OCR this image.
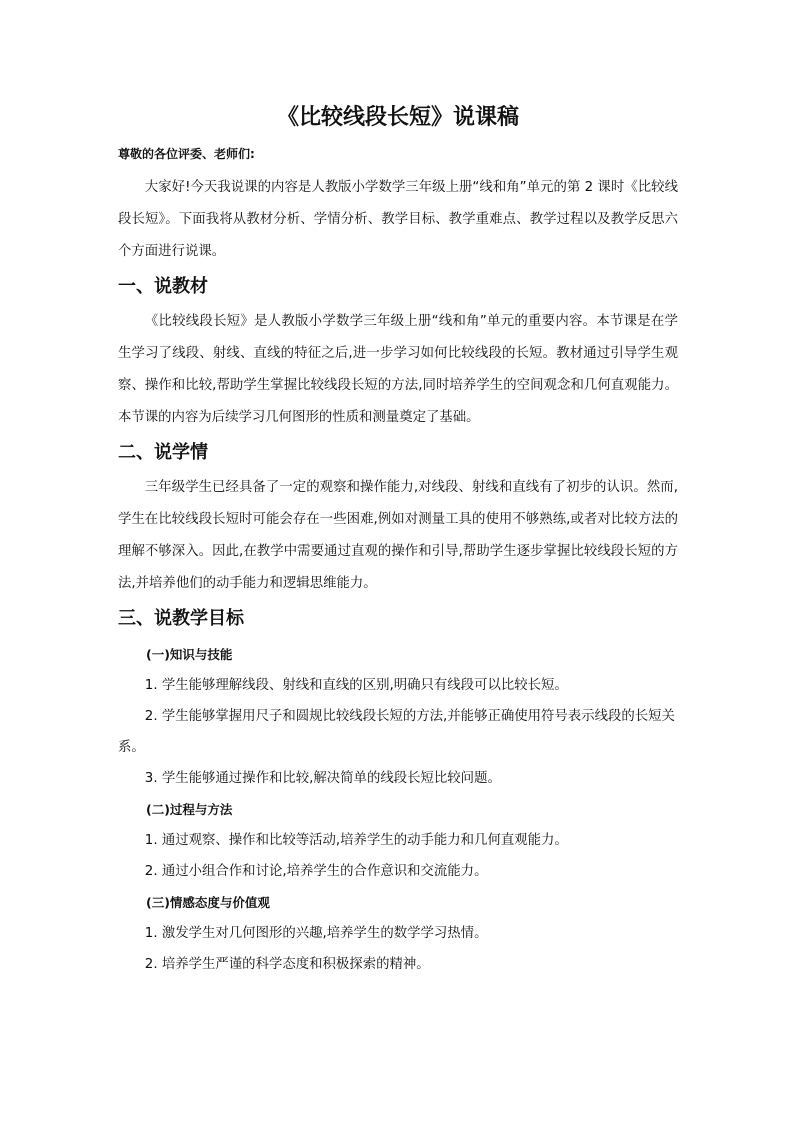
《比较线段长短》说课稿
尊敬的各位评委、老师们:

大家好!今天我说课的内容是人教版小学数学三年级上册“线和角”单元的第 2 课时《比较线段长短》。下面我将从教材分析、学情分析、教学目标、教学重难点、教学过程以及教学反思六个方面进行说课。

一、说教材

《比较线段长短》是人教版小学数学三年级上册“线和角”单元的重要内容。本节课是在学生学习了线段、射线、直线的特征之后,进一步学习如何比较线段的长短。教材通过引导学生观察、操作和比较,帮助学生掌握比较线段长短的方法,同时培养学生的空间观念和几何直观能力。本节课的内容为后续学习几何图形的性质和测量奠定了基础。

二、说学情

三年级学生已经具备了一定的观察和操作能力,对线段、射线和直线有了初步的认识。然而,学生在比较线段长短时可能会存在一些困难,例如对测量工具的使用不够熟练,或者对比较方法的理解不够深入。因此,在教学中需要通过直观的操作和引导,帮助学生逐步掌握比较线段长短的方法,并培养他们的动手能力和逻辑思维能力。

三、说教学目标
(一)知识与技能

1. 学生能够理解线段、射线和直线的区别,明确只有线段可以比较长短。

2. 学生能够掌握用尺子和圆规比较线段长短的方法,并能够正确使用符号表示线段的长短关系。

3. 学生能够通过操作和比较,解决简单的线段长短比较问题。

(二)过程与方法

1. 通过观察、操作和比较等活动,培养学生的动手能力和几何直观能力。

2. 通过小组合作和讨论,培养学生的合作意识和交流能力。

(三)情感态度与价值观

1. 激发学生对几何图形的兴趣,培养学生的数学学习热情。

2. 培养学生严谨的科学态度和积极探索的精神。
